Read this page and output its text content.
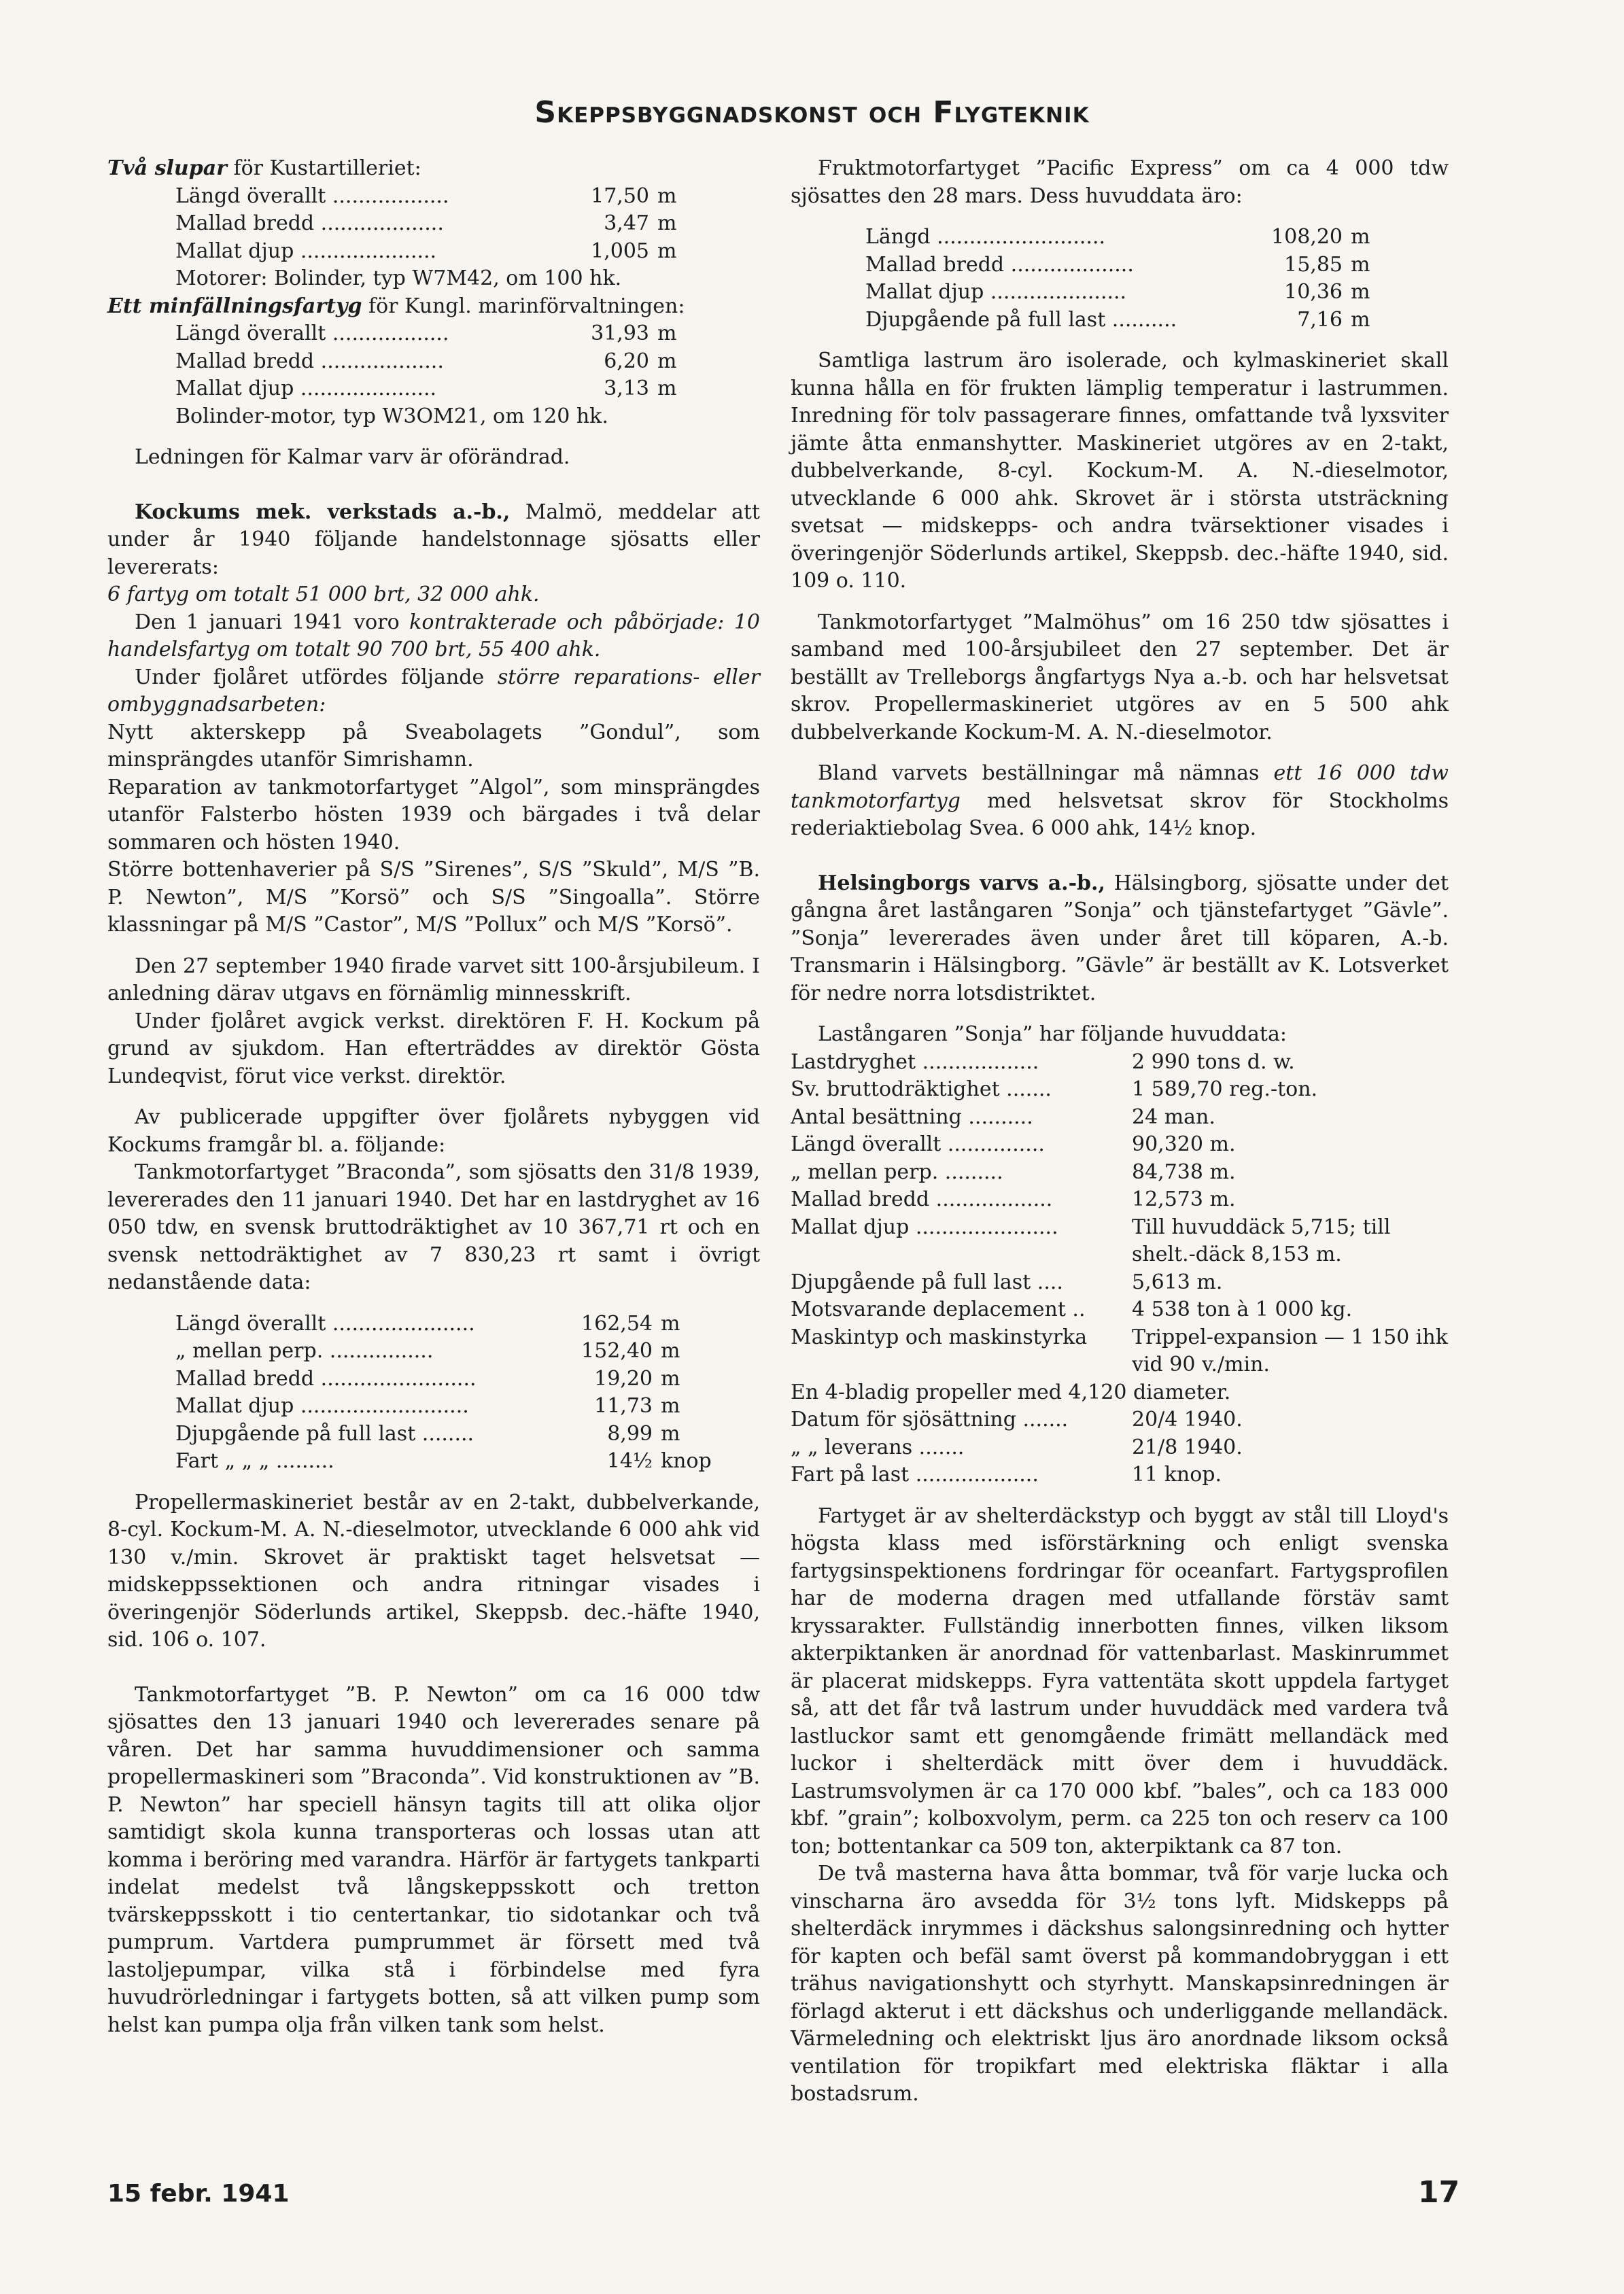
Skeppsbyggnadskonst och Flygteknik

Två slupar för Kustartilleriet:

Längd överallt ..................	17,50 m
Mallad bredd ...................	3,47 m
Mallat djup .....................	1,005 m
Motorer: Bolinder, typ W7M42, om 100 hk.

Ett minfällningsfartyg för Kungl. marinförvaltningen:

Längd överallt ..................	31,93 m
Mallad bredd ...................	6,20 m
Mallat djup .....................	3,13 m
Bolinder-motor, typ W3OM21, om 120 hk.

Ledningen för Kalmar varv är oförändrad.

Kockums mek. verkstads a.-b., Malmö, meddelar att under år 1940 följande handelstonnage sjösatts eller levererats:

6 fartyg om totalt 51 000 brt, 32 000 ahk.

Den 1 januari 1941 voro kontrakterade och påbörjade: 10 handelsfartyg om totalt 90 700 brt, 55 400 ahk.

Under fjolåret utfördes följande större reparations- eller ombyggnadsarbeten:

Nytt akterskepp på Sveabolagets ”Gondul”, som minsprängdes utanför Simrishamn.

Reparation av tankmotorfartyget ”Algol”, som minsprängdes utanför Falsterbo hösten 1939 och bärgades i två delar sommaren och hösten 1940.

Större bottenhaverier på S/S ”Sirenes”, S/S ”Skuld”, M/S ”B. P. Newton”, M/S ”Korsö” och S/S ”Singoalla”. Större klassningar på M/S ”Castor”, M/S ”Pollux” och M/S ”Korsö”.

Den 27 september 1940 firade varvet sitt 100-årsjubileum. I anledning därav utgavs en förnämlig minnesskrift.

Under fjolåret avgick verkst. direktören F. H. Kockum på grund av sjukdom. Han efterträddes av direktör Gösta Lundeqvist, förut vice verkst. direktör.

Av publicerade uppgifter över fjolårets nybyggen vid Kockums framgår bl. a. följande:

Tankmotorfartyget ”Braconda”, som sjösatts den 31/8 1939, levererades den 11 januari 1940. Det har en lastdryghet av 16 050 tdw, en svensk bruttodräktighet av 10 367,71 rt och en svensk nettodräktighet av 7 830,23 rt samt i övrigt nedanstående data:

Längd överallt ......................	162,54 m
„ mellan perp. ................	152,40 m
Mallad bredd ........................	19,20 m
Mallat djup ..........................	11,73 m
Djupgående på full last ........	8,99 m
Fart „ „ „ .........	14½ knop

Propellermaskineriet består av en 2-takt, dubbelverkande, 8-cyl. Kockum-M. A. N.-dieselmotor, utvecklande 6 000 ahk vid 130 v./min. Skrovet är praktiskt taget helsvetsat — midskeppssektionen och andra ritningar visades i överingenjör Söderlunds artikel, Skeppsb. dec.-häfte 1940, sid. 106 o. 107.

Tankmotorfartyget ”B. P. Newton” om ca 16 000 tdw sjösattes den 13 januari 1940 och levererades senare på våren. Det har samma huvuddimensioner och samma propellermaskineri som ”Braconda”. Vid konstruktionen av ”B. P. Newton” har speciell hänsyn tagits till att olika oljor samtidigt skola kunna transporteras och lossas utan att komma i beröring med varandra. Härför är fartygets tankparti indelat medelst två långskeppsskott och tretton tvärskeppsskott i tio centertankar, tio sidotankar och två pumprum. Vartdera pumprummet är försett med två lastoljepumpar, vilka stå i förbindelse med fyra huvudrörledningar i fartygets botten, så att vilken pump som helst kan pumpa olja från vilken tank som helst.

Fruktmotorfartyget ”Pacific Express” om ca 4 000 tdw sjösattes den 28 mars. Dess huvuddata äro:

Längd ..........................	108,20 m
Mallad bredd ...................	15,85 m
Mallat djup .....................	10,36 m
Djupgående på full last ..........	7,16 m

Samtliga lastrum äro isolerade, och kylmaskineriet skall kunna hålla en för frukten lämplig temperatur i lastrummen. Inredning för tolv passagerare finnes, omfattande två lyxsviter jämte åtta enmanshytter. Maskineriet utgöres av en 2-takt, dubbelverkande, 8-cyl. Kockum-M. A. N.-dieselmotor, utvecklande 6 000 ahk. Skrovet är i största utsträckning svetsat — midskepps- och andra tvärsektioner visades i överingenjör Söderlunds artikel, Skeppsb. dec.-häfte 1940, sid. 109 o. 110.

Tankmotorfartyget ”Malmöhus” om 16 250 tdw sjösattes i samband med 100-årsjubileet den 27 september. Det är beställt av Trelleborgs ångfartygs Nya a.-b. och har helsvetsat skrov. Propellermaskineriet utgöres av en 5 500 ahk dubbelverkande Kockum-M. A. N.-dieselmotor.

Bland varvets beställningar må nämnas ett 16 000 tdw tankmotorfartyg med helsvetsat skrov för Stockholms rederiaktiebolag Svea. 6 000 ahk, 14½ knop.

Helsingborgs varvs a.-b., Hälsingborg, sjösatte under det gångna året lastångaren ”Sonja” och tjänstefartyget ”Gävle”. ”Sonja” levererades även under året till köparen, A.-b. Transmarin i Hälsingborg. ”Gävle” är beställt av K. Lotsverket för nedre norra lotsdistriktet.

Lastångaren ”Sonja” har följande huvuddata:

Lastdryghet ..................	2 990 tons d. w.
Sv. bruttodräktighet .......	1 589,70 reg.-ton.
Antal besättning ..........	24 man.
Längd överallt ...............	90,320 m.
„ mellan perp. .........	84,738 m.
Mallad bredd ..................	12,573 m.
Mallat djup ......................	Till huvuddäck 5,715; till shelt.-däck 8,153 m.
Djupgående på full last ....	5,613 m.
Motsvarande deplacement ..	4 538 ton à 1 000 kg.
Maskintyp och maskinstyrka	Trippel-expansion — 1 150 ihk vid 90 v./min.

En 4-bladig propeller med 4,120 diameter.

Datum för sjösättning .......	20/4 1940.
„ „ leverans .......	21/8 1940.
Fart på last ...................	11 knop.

Fartyget är av shelterdäckstyp och byggt av stål till Lloyd's högsta klass med isförstärkning och enligt svenska fartygsinspektionens fordringar för oceanfart. Fartygsprofilen har de moderna dragen med utfallande förstäv samt kryssarakter. Fullständig innerbotten finnes, vilken liksom akterpiktanken är anordnad för vattenbarlast. Maskinrummet är placerat midskepps. Fyra vattentäta skott uppdela fartyget så, att det får två lastrum under huvuddäck med vardera två lastluckor samt ett genomgående frimätt mellandäck med luckor i shelterdäck mitt över dem i huvuddäck. Lastrumsvolymen är ca 170 000 kbf. ”bales”, och ca 183 000 kbf. ”grain”; kolboxvolym, perm. ca 225 ton och reserv ca 100 ton; bottentankar ca 509 ton, akterpiktank ca 87 ton.

De två masterna hava åtta bommar, två för varje lucka och vinscharna äro avsedda för 3½ tons lyft. Midskepps på shelterdäck inrymmes i däckshus salongsinredning och hytter för kapten och befäl samt överst på kommandobryggan i ett trähus navigationshytt och styrhytt. Manskapsinredningen är förlagd akterut i ett däckshus och underliggande mellandäck. Värmeledning och elektriskt ljus äro anordnade liksom också ventilation för tropikfart med elektriska fläktar i alla bostadsrum.

15 febr. 1941	17
